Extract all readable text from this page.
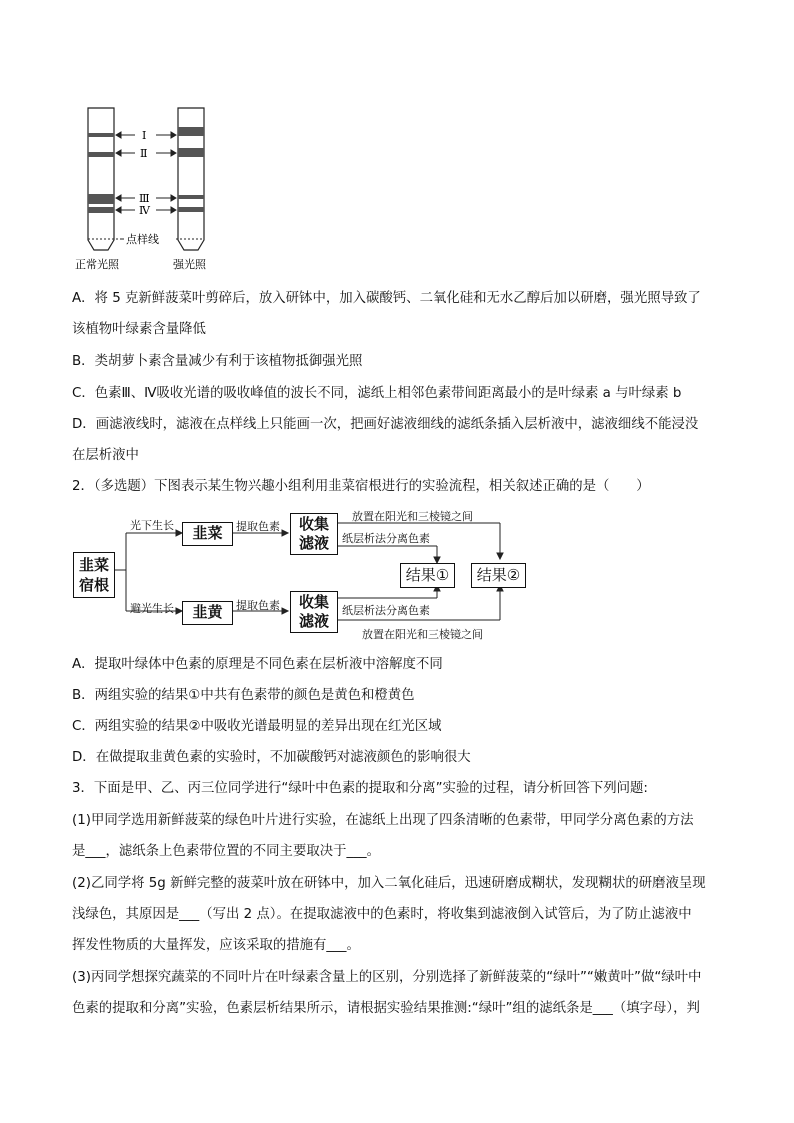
Ⅰ
Ⅱ
Ⅲ
Ⅳ
点样线
正常光照	强光照
A．将 5 克新鲜菠菜叶剪碎后，放入研钵中，加入碳酸钙、二氧化硅和无水乙醇后加以研磨，强光照导致了
该植物叶绿素含量降低
B．类胡萝卜素含量减少有利于该植物抵御强光照
C．色素Ⅲ、Ⅳ吸收光谱的吸收峰值的波长不同，滤纸上相邻色素带间距离最小的是叶绿素 a 与叶绿素 b
D．画滤液线时，滤液在点样线上只能画一次，把画好滤液细线的滤纸条插入层析液中，滤液细线不能浸没
在层析液中
2．（多选题）下图表示某生物兴趣小组利用韭菜宿根进行的实验流程，相关叙述正确的是（　　）
韭菜宿根
光下生长
避光生长
韭菜
韭黄
提取色素
提取色素
收集滤液
收集滤液
放置在阳光和三棱镜之间
纸层析法分离色素
纸层析法分离色素
放置在阳光和三棱镜之间
结果①	结果②
A．提取叶绿体中色素的原理是不同色素在层析液中溶解度不同
B．两组实验的结果①中共有色素带的颜色是黄色和橙黄色
C．两组实验的结果②中吸收光谱最明显的差异出现在红光区域
D．在做提取韭黄色素的实验时，不加碳酸钙对滤液颜色的影响很大
3．下面是甲、乙、丙三位同学进行“绿叶中色素的提取和分离”实验的过程，请分析回答下列问题:
(1)甲同学选用新鲜菠菜的绿色叶片进行实验，在滤纸上出现了四条清晰的色素带，甲同学分离色素的方法
是___，滤纸条上色素带位置的不同主要取决于___。
(2)乙同学将 5g 新鲜完整的菠菜叶放在研钵中，加入二氧化硅后，迅速研磨成糊状，发现糊状的研磨液呈现
浅绿色，其原因是___（写出 2 点）。在提取滤液中的色素时，将收集到滤液倒入试管后，为了防止滤液中
挥发性物质的大量挥发，应该采取的措施有___。
(3)丙同学想探究蔬菜的不同叶片在叶绿素含量上的区别，分别选择了新鲜菠菜的“绿叶”“嫩黄叶”做“绿叶中
色素的提取和分离”实验，色素层析结果所示，请根据实验结果推测:“绿叶”组的滤纸条是___（填字母），判
